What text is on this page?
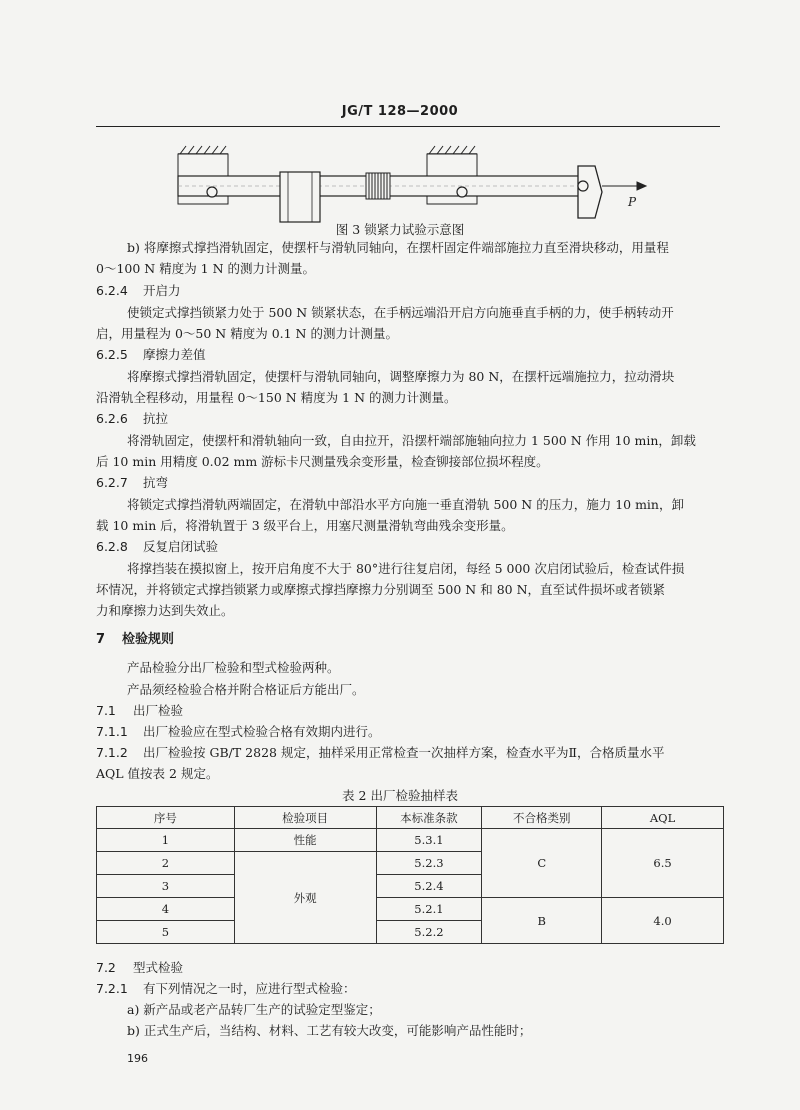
JG/T 128—2000
P
图 3 锁紧力试验示意图
b) 将摩擦式撑挡滑轨固定，使摆杆与滑轨同轴向，在摆杆固定件端部施拉力直至滑块移动，用量程
0～100 N 精度为 1 N 的测力计测量。
6.2.4 开启力
使锁定式撑挡锁紧力处于 500 N 锁紧状态，在手柄远端沿开启方向施垂直手柄的力，使手柄转动开
启，用量程为 0～50 N 精度为 0.1 N 的测力计测量。
6.2.5 摩擦力差值
将摩擦式撑挡滑轨固定，使摆杆与滑轨同轴向，调整摩擦力为 80 N，在摆杆远端施拉力，拉动滑块
沿滑轨全程移动，用量程 0～150 N 精度为 1 N 的测力计测量。
6.2.6 抗拉
将滑轨固定，使摆杆和滑轨轴向一致，自由拉开，沿摆杆端部施轴向拉力 1 500 N 作用 10 min，卸载
后 10 min 用精度 0.02 mm 游标卡尺测量残余变形量，检查铆接部位损坏程度。
6.2.7 抗弯
将锁定式撑挡滑轨两端固定，在滑轨中部沿水平方向施一垂直滑轨 500 N 的压力，施力 10 min，卸
载 10 min 后，将滑轨置于 3 级平台上，用塞尺测量滑轨弯曲残余变形量。
6.2.8 反复启闭试验
将撑挡装在摸拟窗上，按开启角度不大于 80°进行往复启闭，每经 5 000 次启闭试验后，检查试件损
坏情况，并将锁定式撑挡锁紧力或摩擦式撑挡摩擦力分别调至 500 N 和 80 N，直至试件损坏或者锁紧
力和摩擦力达到失效止。
7 检验规则
产品检验分出厂检验和型式检验两种。
产品须经检验合格并附合格证后方能出厂。
7.1 出厂检验
7.1.1 出厂检验应在型式检验合格有效期内进行。
7.1.2 出厂检验按 GB/T 2828 规定，抽样采用正常检查一次抽样方案，检查水平为Ⅱ，合格质量水平
AQL 值按表 2 规定。
表 2 出厂检验抽样表
序号	检验项目	本标准条款	不合格类别	AQL
1	性能	5.3.1	C	6.5
2	外观	5.2.3		
3		5.2.4		
4		5.2.1	B	4.0
5		5.2.2		
7.2 型式检验
7.2.1 有下列情况之一时，应进行型式检验：
a) 新产品或老产品转厂生产的试验定型鉴定；
b) 正式生产后，当结构、材料、工艺有较大改变，可能影响产品性能时；
196
